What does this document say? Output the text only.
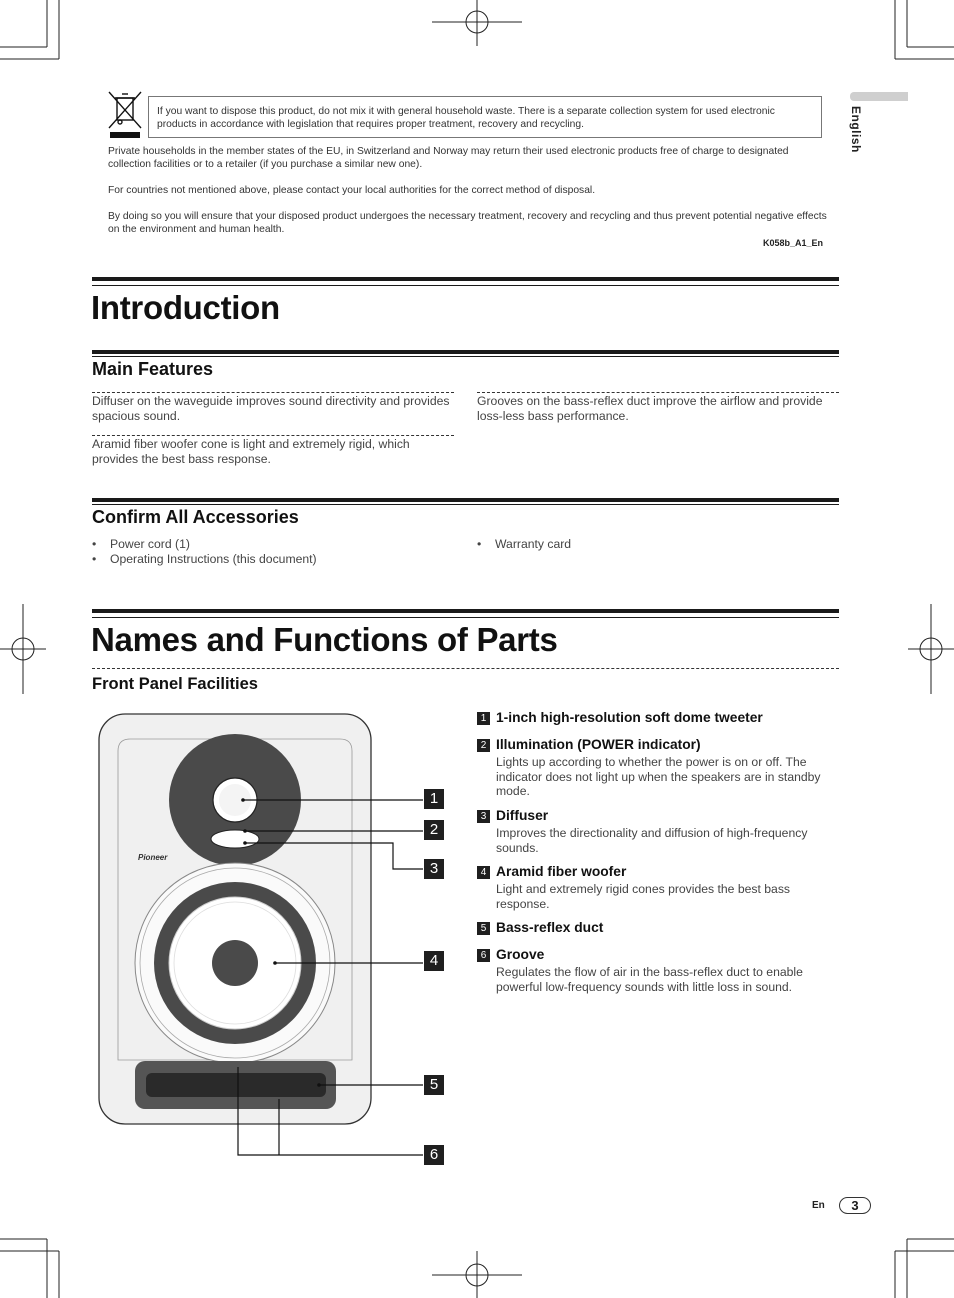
If you want to dispose this product, do not mix it with general household waste. There is a separate collection system for used electronic products in accordance with legislation that requires proper treatment, recovery and recycling.
Private households in the member states of the EU, in Switzerland and Norway may return their used electronic products free of charge to designated collection facilities or to a retailer (if you purchase a similar new one).
For countries not mentioned above, please contact your local authorities for the correct method of disposal.
By doing so you will ensure that your disposed product undergoes the necessary treatment, recovery and recycling and thus prevent potential negative effects on the environment and human health.
K058b_A1_En
English
Introduction
Main Features
Diffuser on the waveguide improves sound directivity and provides spacious sound.
Aramid fiber woofer cone is light and extremely rigid, which provides the best bass response.
Grooves on the bass-reflex duct improve the airflow and provide loss-less bass performance.
Confirm All Accessories
• Power cord (1)
• Operating Instructions (this document)
• Warranty card
Names and Functions of Parts
Front Panel Facilities
Pioneer
1
2
3
4
5
6
1 1-inch high-resolution soft dome tweeter
2 Illumination (POWER indicator)
Lights up according to whether the power is on or off. The indicator does not light up when the speakers are in standby mode.
3 Diffuser
Improves the directionality and diffusion of high-frequency sounds.
4 Aramid fiber woofer
Light and extremely rigid cones provides the best bass response.
5 Bass-reflex duct
6 Groove
Regulates the flow of air in the bass-reflex duct to enable powerful low-frequency sounds with little loss in sound.
En	3
